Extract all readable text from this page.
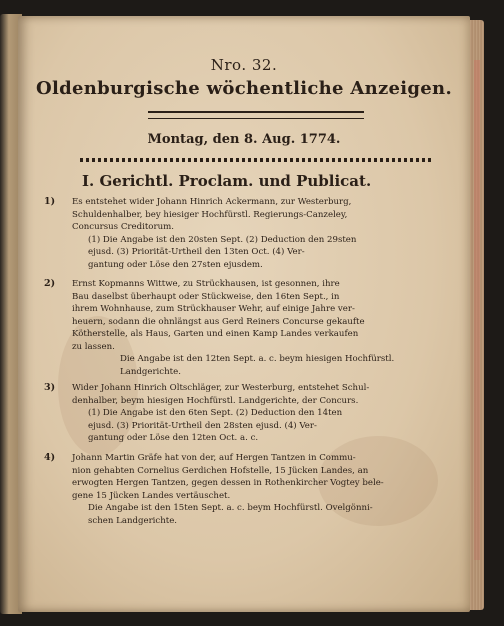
Nro. 32.
Oldenburgische wöchentliche Anzeigen.
Montag, den 8. Aug. 1774.
I. Gerichtl. Proclam. und Publicat.
1) Es entstehet wider Johann Hinrich Ackermann, zur Westerburg,
Schuldenhalber, bey hiesiger Hochfürstl. Regierungs-Canzeley,
Concursus Creditorum.
(1) Die Angabe ist den 20sten Sept. (2) Deduction den 29sten
ejusd. (3) Priorität-Urtheil den 13ten Oct. (4) Ver-
gantung oder Löse den 27sten ejusdem.
2) Ernst Kopmanns Wittwe, zu Strückhausen, ist gesonnen, ihre
Bau daselbst überhaupt oder Stückweise, den 16ten Sept., in
ihrem Wohnhause, zum Strückhauser Wehr, auf einige Jahre ver-
heuern, sodann die ohnlängst aus Gerd Reiners Concurse gekaufte
Kötherstelle, als Haus, Garten und einen Kamp Landes verkaufen
zu lassen.
Die Angabe ist den 12ten Sept. a. c. beym hiesigen Hochfürstl.
Landgerichte.
3) Wider Johann Hinrich Oltschläger, zur Westerburg, entstehet Schul-
denhalber, beym hiesigen Hochfürstl. Landgerichte, der Concurs.
(1) Die Angabe ist den 6ten Sept. (2) Deduction den 14ten
ejusd. (3) Priorität-Urtheil den 28sten ejusd. (4) Ver-
gantung oder Löse den 12ten Oct. a. c.
4) Johann Martin Gräfe hat von der, auf Hergen Tantzen in Commu-
nion gehabten Cornelius Gerdichen Hofstelle, 15 Jücken Landes, an
erwogten Hergen Tantzen, gegen dessen in Rothenkircher Vogtey bele-
gene 15 Jücken Landes vertäuschet.
Die Angabe ist den 15ten Sept. a. c. beym Hochfürstl. Ovelgönni-
schen Landgerichte.
